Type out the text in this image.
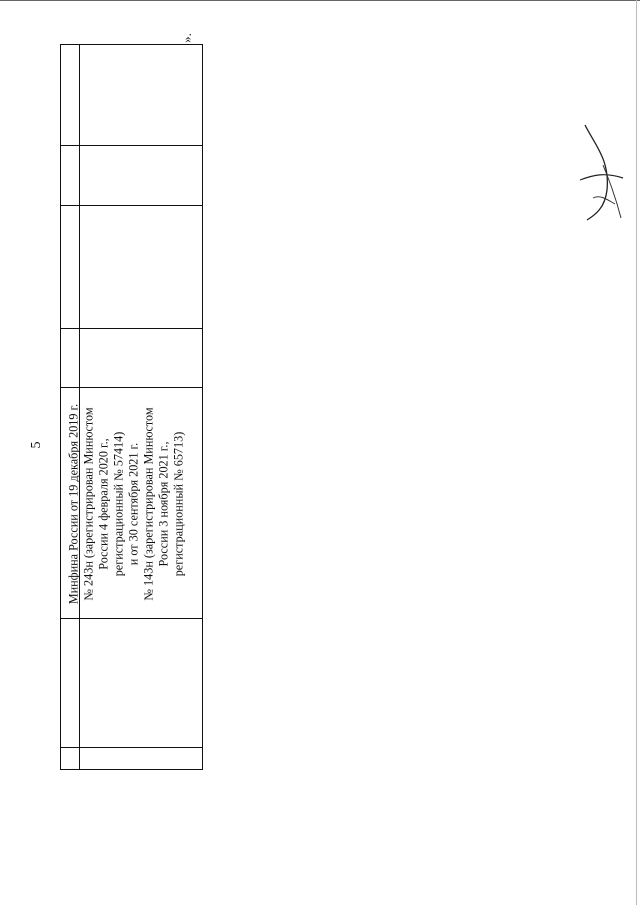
5 Минфина России от 19 декабря 2019 г. № 243н (зарегистрирован Минюстом России 4 февраля 2020 г., регистрационный № 57414) и от 30 сентября 2021 г. № 143н (зарегистрирован Минюстом России 3 ноября 2021 г., регистрационный № 65713)
».
